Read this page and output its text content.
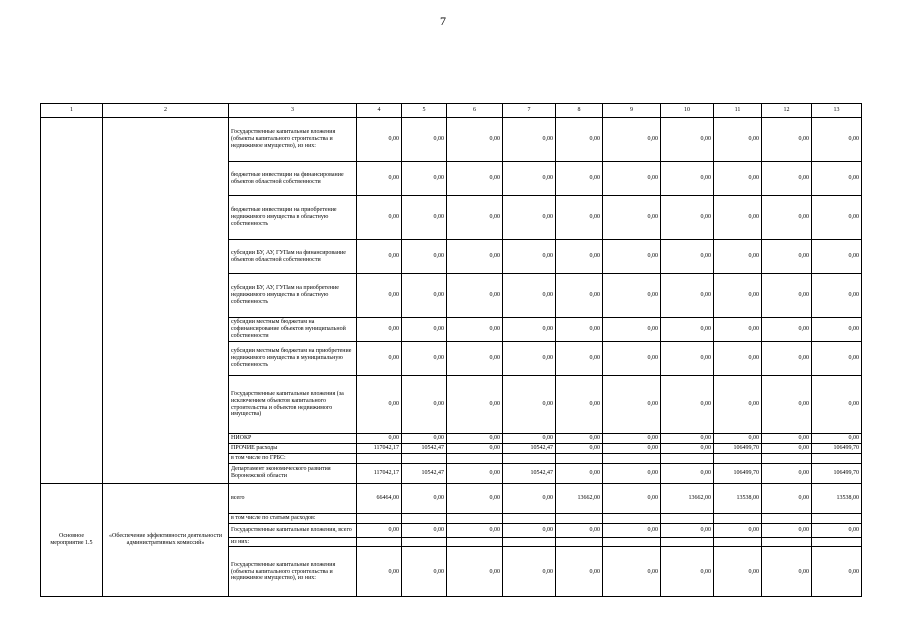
7
1	2	3	4	5	6	7	8	9	10	11	12	13
		Государственные капитальные вложения (объекты капитального строительства и недвижимое имущество), из них:	0,00	0,00	0,00	0,00	0,00	0,00	0,00	0,00	0,00	0,00
		бюджетные инвестиции на финансирование объектов областной собственности	0,00	0,00	0,00	0,00	0,00	0,00	0,00	0,00	0,00	0,00
		бюджетные инвестиции на приобретение недвижимого имущества в областную собственность	0,00	0,00	0,00	0,00	0,00	0,00	0,00	0,00	0,00	0,00
		субсидии БУ, АУ, ГУПам на финансирование объектов областной собственности	0,00	0,00	0,00	0,00	0,00	0,00	0,00	0,00	0,00	0,00
		субсидии БУ, АУ, ГУПам на приобретение недвижимого имущества в областную собственность	0,00	0,00	0,00	0,00	0,00	0,00	0,00	0,00	0,00	0,00
		субсидии местным бюджетам на софинансирование объектов муниципальной собственности	0,00	0,00	0,00	0,00	0,00	0,00	0,00	0,00	0,00	0,00
		субсидии местным бюджетам на приобретение недвижимого имущества в муниципальную собственность	0,00	0,00	0,00	0,00	0,00	0,00	0,00	0,00	0,00	0,00
		Государственные капитальные вложения (за исключением объектов капитального строительства и объектов недвижимого имущества)	0,00	0,00	0,00	0,00	0,00	0,00	0,00	0,00	0,00	0,00
		НИОКР	0,00	0,00	0,00	0,00	0,00	0,00	0,00	0,00	0,00	0,00
		ПРОЧИЕ расходы	117042,17	10542,47	0,00	10542,47	0,00	0,00	0,00	106499,70	0,00	106499,70
		в том числе по ГРБС:										
		Департамент экономического развития Воронежской области	117042,17	10542,47	0,00	10542,47	0,00	0,00	0,00	106499,70	0,00	106499,70
Основное мероприятие 1.5	«Обеспечение эффективности деятельности административных комиссий»	всего	66464,00	0,00	0,00	0,00	13662,00	0,00	13662,00	13538,00	0,00	13538,00
		в том числе по статьям расходов:										
		Государственные капитальные вложения, всего	0,00	0,00	0,00	0,00	0,00	0,00	0,00	0,00	0,00	0,00
		из них:										
		Государственные капитальные вложения (объекты капитального строительства и недвижимое имущество), из них:	0,00	0,00	0,00	0,00	0,00	0,00	0,00	0,00	0,00	0,00
